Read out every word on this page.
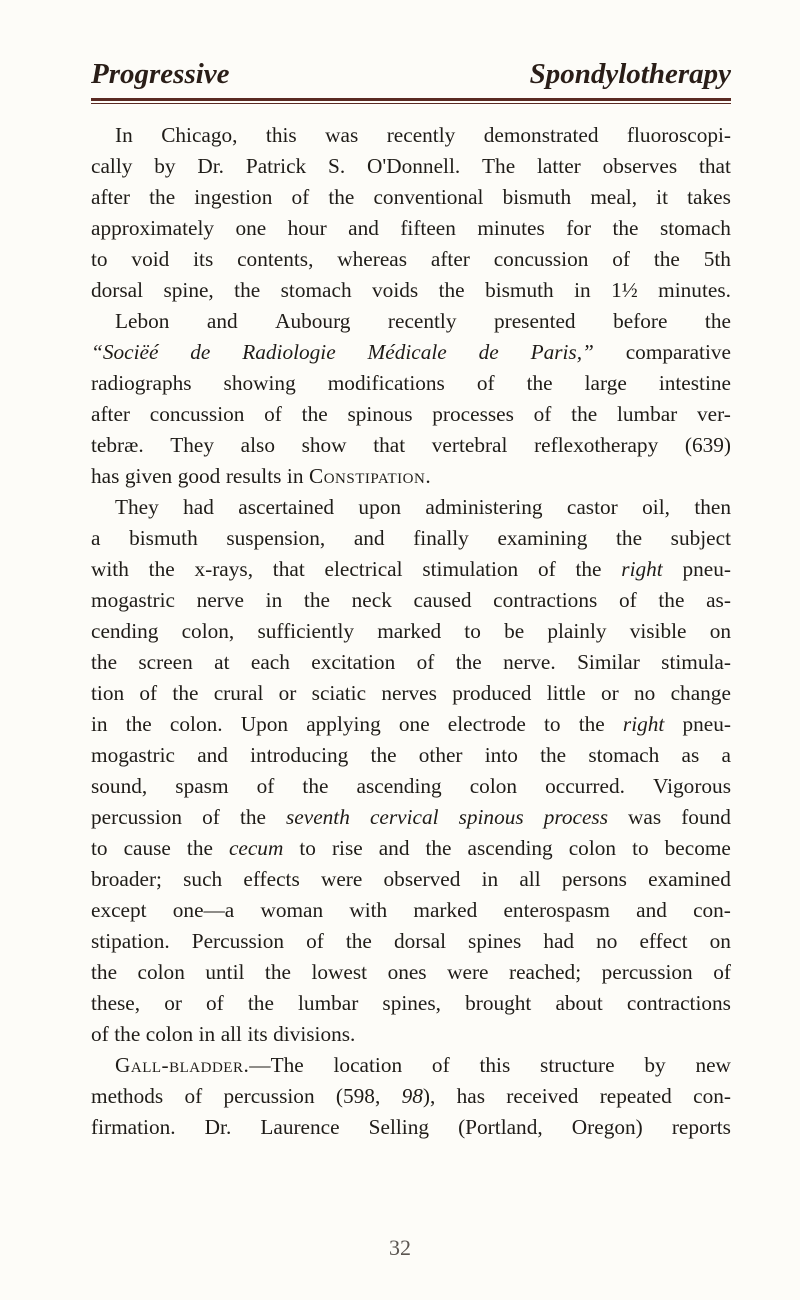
Progressive	Spondylotherapy
In Chicago, this was recently demonstrated fluoroscopi-
cally by Dr. Patrick S. O'Donnell. The latter observes that
after the ingestion of the conventional bismuth meal, it takes
approximately one hour and fifteen minutes for the stomach
to void its contents, whereas after concussion of the 5th
dorsal spine, the stomach voids the bismuth in 1½ minutes.
Lebon and Aubourg recently presented before the
“Sociëé de Radiologie Médicale de Paris,” comparative
radiographs showing modifications of the large intestine
after concussion of the spinous processes of the lumbar ver-
tebræ. They also show that vertebral reflexotherapy (639)
has given good results in Constipation.
They had ascertained upon administering castor oil, then
a bismuth suspension, and finally examining the subject
with the x-rays, that electrical stimulation of the right pneu-
mogastric nerve in the neck caused contractions of the as-
cending colon, sufficiently marked to be plainly visible on
the screen at each excitation of the nerve. Similar stimula-
tion of the crural or sciatic nerves produced little or no change
in the colon. Upon applying one electrode to the right pneu-
mogastric and introducing the other into the stomach as a
sound, spasm of the ascending colon occurred. Vigorous
percussion of the seventh cervical spinous process was found
to cause the cecum to rise and the ascending colon to become
broader; such effects were observed in all persons examined
except one—a woman with marked enterospasm and con-
stipation. Percussion of the dorsal spines had no effect on
the colon until the lowest ones were reached; percussion of
these, or of the lumbar spines, brought about contractions
of the colon in all its divisions.
Gall-bladder.—The location of this structure by new
methods of percussion (598, 98), has received repeated con-
firmation. Dr. Laurence Selling (Portland, Oregon) reports
32
